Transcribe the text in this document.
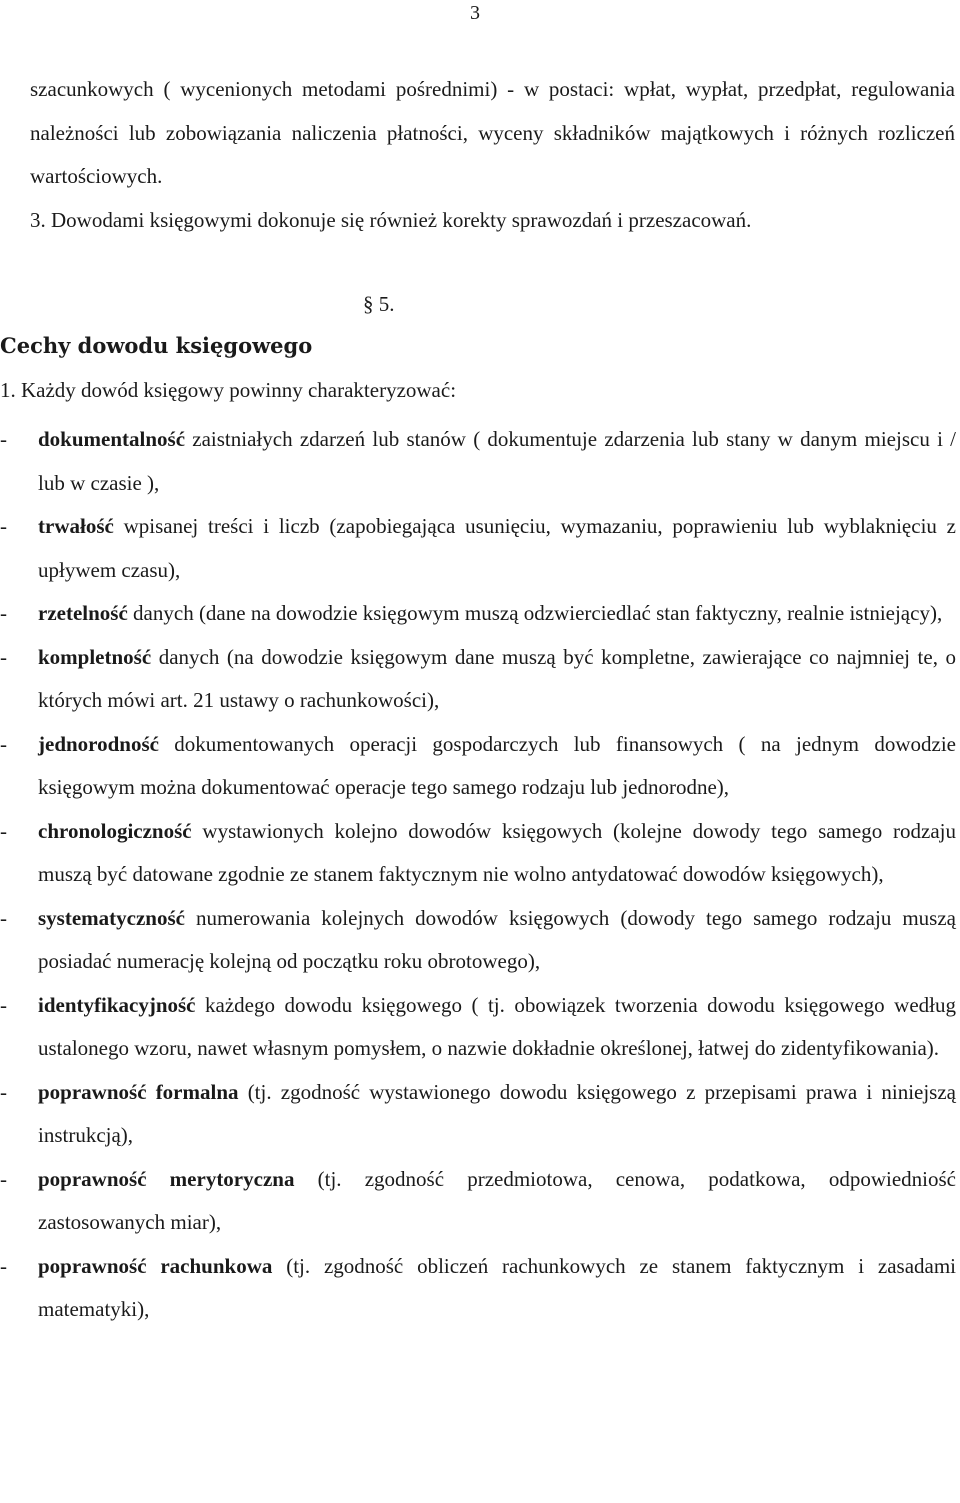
3

szacunkowych ( wycenionych metodami pośrednimi) - w postaci: wpłat, wypłat, przedpłat, regulowania należności lub zobowiązania naliczenia płatności, wyceny składników majątkowych i różnych rozliczeń wartościowych.

3. Dowodami księgowymi dokonuje się również korekty sprawozdań i przeszacowań.

§ 5.
Cechy dowodu księgowego
1. Każdy dowód księgowy powinny charakteryzować:
- dokumentalność zaistniałych zdarzeń lub stanów ( dokumentuje zdarzenia lub stany w danym miejscu i / lub w czasie ),
- trwałość wpisanej treści i liczb (zapobiegająca usunięciu, wymazaniu, poprawieniu lub wyblaknięciu z upływem czasu),
- rzetelność danych (dane na dowodzie księgowym muszą odzwierciedlać stan faktyczny, realnie istniejący),
- kompletność danych (na dowodzie księgowym dane muszą być kompletne, zawierające co najmniej te, o których mówi art. 21 ustawy o rachunkowości),
- jednorodność dokumentowanych operacji gospodarczych lub finansowych ( na jednym dowodzie księgowym można dokumentować operacje tego samego rodzaju lub jednorodne),
- chronologiczność wystawionych kolejno dowodów księgowych (kolejne dowody tego samego rodzaju muszą być datowane zgodnie ze stanem faktycznym nie wolno antydatować dowodów księgowych),
- systematyczność numerowania kolejnych dowodów księgowych (dowody tego samego rodzaju muszą posiadać numerację kolejną od początku roku obrotowego),
- identyfikacyjność każdego dowodu księgowego ( tj. obowiązek tworzenia dowodu księgowego według ustalonego wzoru, nawet własnym pomysłem, o nazwie dokładnie określonej, łatwej do zidentyfikowania).
- poprawność formalna (tj. zgodność wystawionego dowodu księgowego z przepisami prawa i niniejszą instrukcją),
- poprawność merytoryczna (tj. zgodność przedmiotowa, cenowa, podatkowa, odpowiedniość zastosowanych miar),
- poprawność rachunkowa (tj. zgodność obliczeń rachunkowych ze stanem faktycznym i zasadami matematyki),
